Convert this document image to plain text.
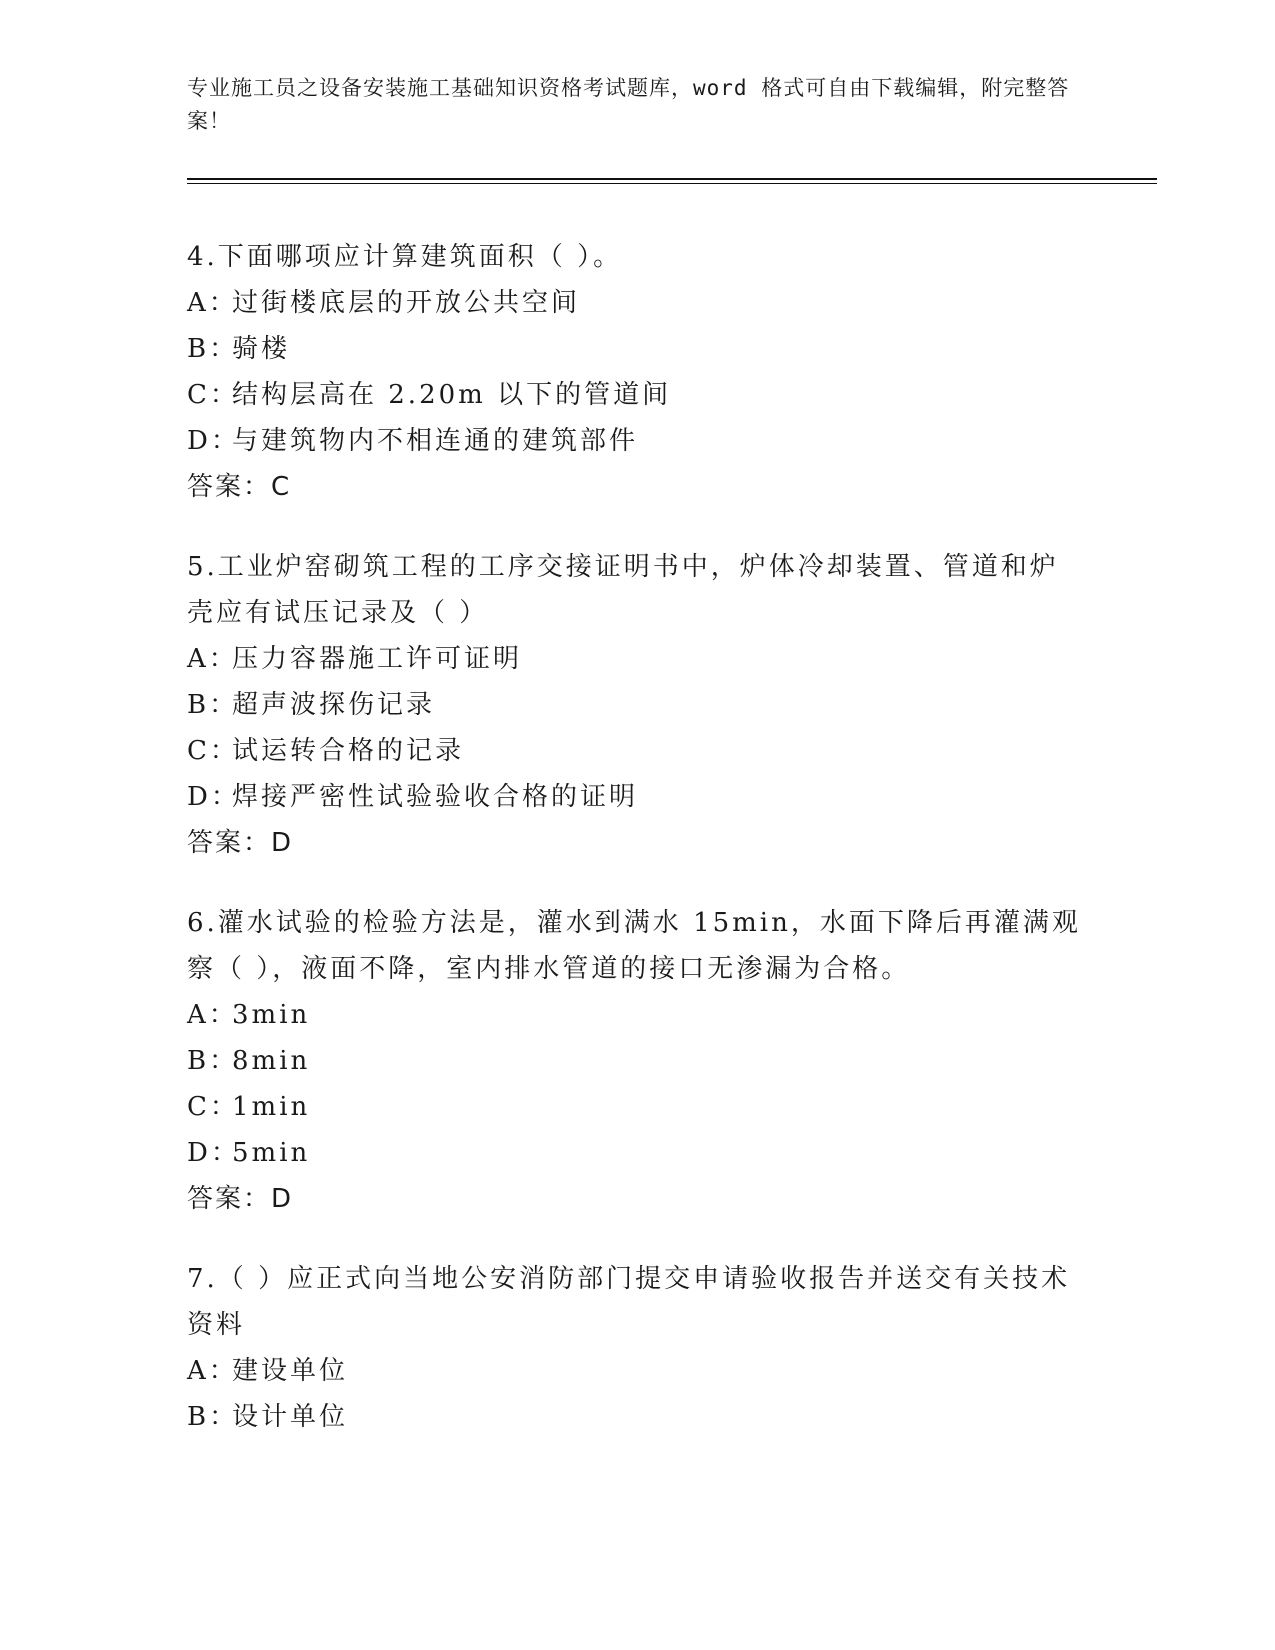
专业施工员之设备安装施工基础知识资格考试题库，word 格式可自由下载编辑，附完整答案！
4.下面哪项应计算建筑面积（ ）。
A：过街楼底层的开放公共空间
B：骑楼
C：结构层高在 2.20m 以下的管道间
D：与建筑物内不相连通的建筑部件
答案：C
5.工业炉窑砌筑工程的工序交接证明书中，炉体冷却装置、管道和炉壳应有试压记录及（ ）
A：压力容器施工许可证明
B：超声波探伤记录
C：试运转合格的记录
D：焊接严密性试验验收合格的证明
答案：D
6.灌水试验的检验方法是，灌水到满水 15min，水面下降后再灌满观察（ ），液面不降，室内排水管道的接口无渗漏为合格。
A：3min
B：8min
C：1min
D：5min
答案：D
7.（ ）应正式向当地公安消防部门提交申请验收报告并送交有关技术资料
A：建设单位
B：设计单位
